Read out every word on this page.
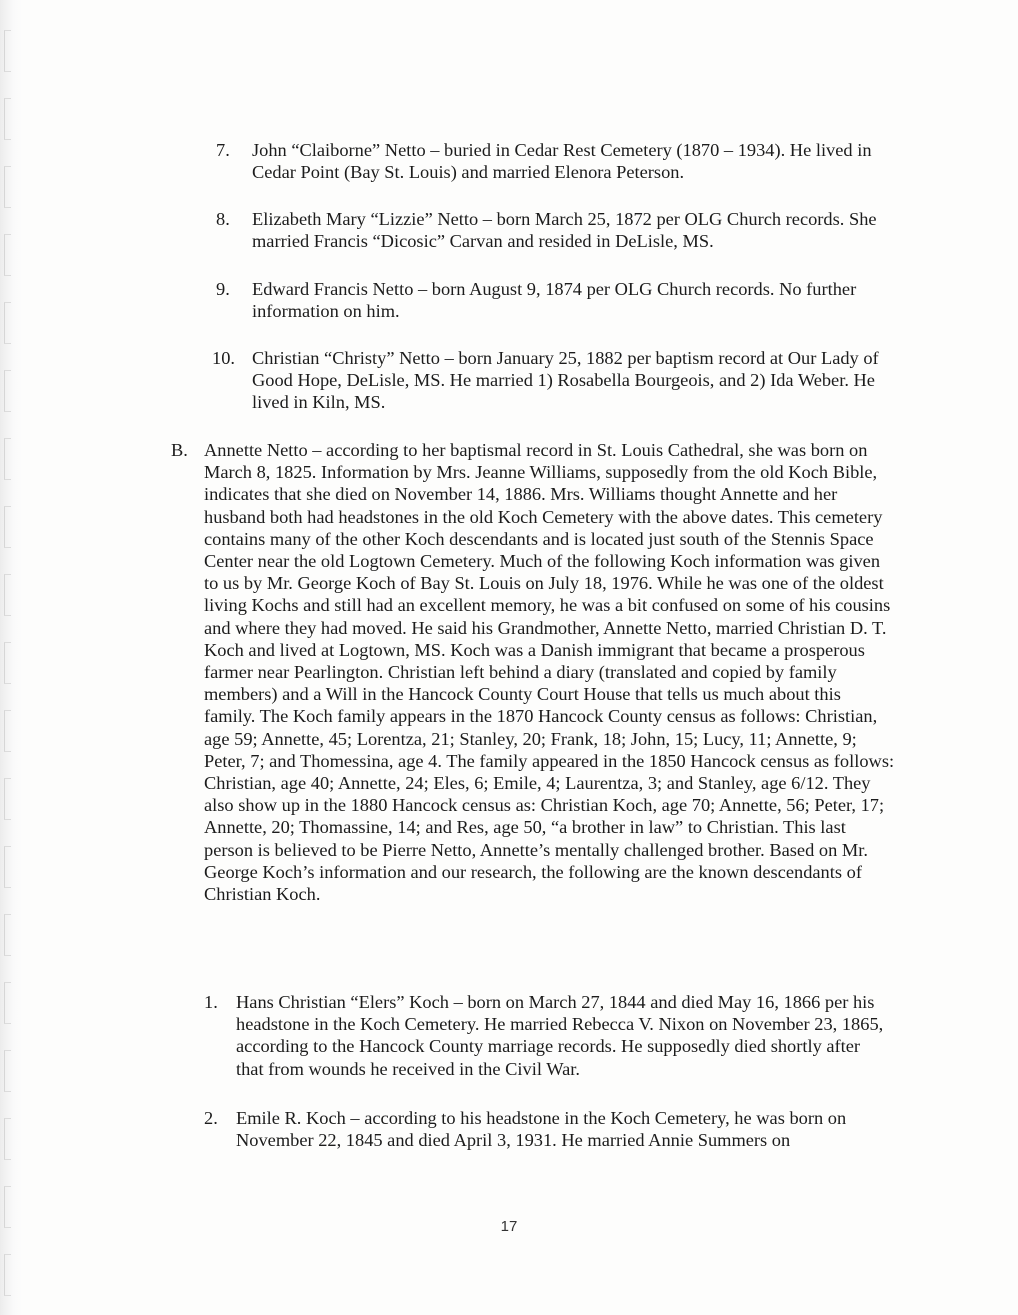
7. John “Claiborne” Netto – buried in Cedar Rest Cemetery (1870 – 1934). He lived in Cedar Point (Bay St. Louis) and married Elenora Peterson.
8. Elizabeth Mary “Lizzie” Netto – born March 25, 1872 per OLG Church records. She married Francis “Dicosic” Carvan and resided in DeLisle, MS.
9. Edward Francis Netto – born August 9, 1874 per OLG Church records. No further information on him.
10. Christian “Christy” Netto – born January 25, 1882 per baptism record at Our Lady of Good Hope, DeLisle, MS. He married 1) Rosabella Bourgeois, and 2) Ida Weber. He lived in Kiln, MS.
B. Annette Netto – according to her baptismal record in St. Louis Cathedral, she was born on March 8, 1825. Information by Mrs. Jeanne Williams, supposedly from the old Koch Bible, indicates that she died on November 14, 1886. Mrs. Williams thought Annette and her husband both had headstones in the old Koch Cemetery with the above dates. This cemetery contains many of the other Koch descendants and is located just south of the Stennis Space Center near the old Logtown Cemetery. Much of the following Koch information was given to us by Mr. George Koch of Bay St. Louis on July 18, 1976. While he was one of the oldest living Kochs and still had an excellent memory, he was a bit confused on some of his cousins and where they had moved. He said his Grandmother, Annette Netto, married Christian D. T. Koch and lived at Logtown, MS. Koch was a Danish immigrant that became a prosperous farmer near Pearlington. Christian left behind a diary (translated and copied by family members) and a Will in the Hancock County Court House that tells us much about this family. The Koch family appears in the 1870 Hancock County census as follows: Christian, age 59; Annette, 45; Lorentza, 21; Stanley, 20; Frank, 18; John, 15; Lucy, 11; Annette, 9; Peter, 7; and Thomessina, age 4. The family appeared in the 1850 Hancock census as follows: Christian, age 40; Annette, 24; Eles, 6; Emile, 4; Laurentza, 3; and Stanley, age 6/12. They also show up in the 1880 Hancock census as: Christian Koch, age 70; Annette, 56; Peter, 17; Annette, 20; Thomassine, 14; and Res, age 50, “a brother in law” to Christian. This last person is believed to be Pierre Netto, Annette’s mentally challenged brother. Based on Mr. George Koch’s information and our research, the following are the known descendants of Christian Koch.
1. Hans Christian “Elers” Koch – born on March 27, 1844 and died May 16, 1866 per his headstone in the Koch Cemetery. He married Rebecca V. Nixon on November 23, 1865, according to the Hancock County marriage records. He supposedly died shortly after that from wounds he received in the Civil War.
2. Emile R. Koch – according to his headstone in the Koch Cemetery, he was born on November 22, 1845 and died April 3, 1931. He married Annie Summers on
17
